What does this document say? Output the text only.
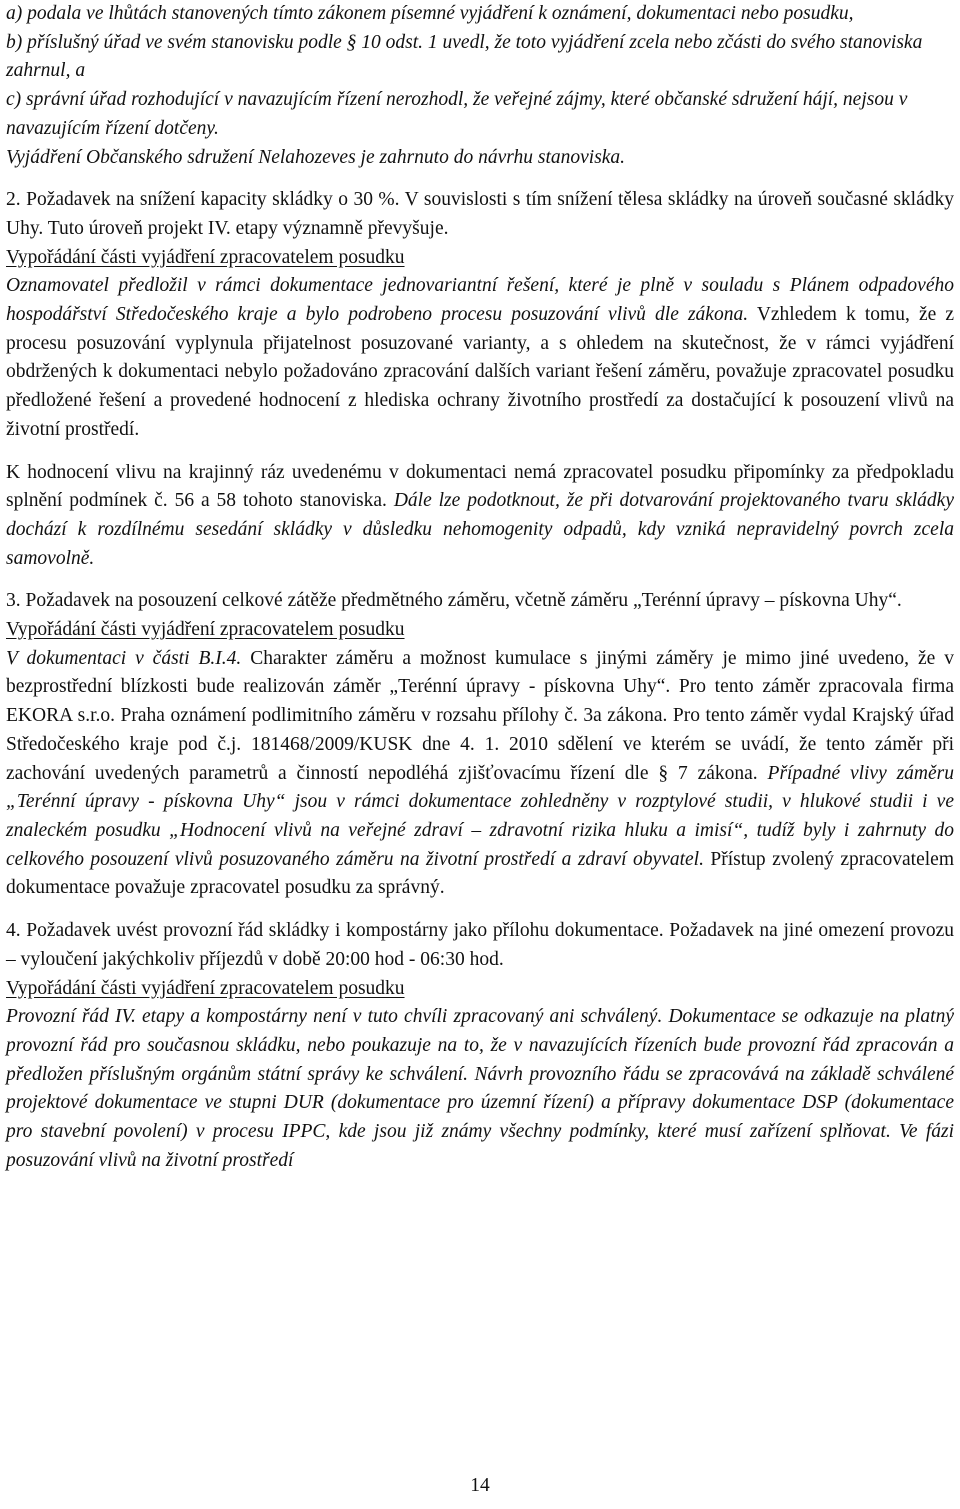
a) podala ve lhůtách stanovených tímto zákonem písemné vyjádření k oznámení, dokumentaci nebo posudku,

b) příslušný úřad ve svém stanovisku podle § 10 odst. 1 uvedl, že toto vyjádření zcela nebo zčásti do svého stanoviska zahrnul, a

c) správní úřad rozhodující v navazujícím řízení nerozhodl, že veřejné zájmy, které občanské sdružení hájí, nejsou v navazujícím řízení dotčeny.

Vyjádření Občanského sdružení Nelahozeves je zahrnuto do návrhu stanoviska.

2. Požadavek na snížení kapacity skládky o 30 %. V souvislosti s tím snížení tělesa skládky na úroveň současné skládky Uhy. Tuto úroveň projekt IV. etapy významně převyšuje.

Vypořádání části vyjádření zpracovatelem posudku

Oznamovatel předložil v rámci dokumentace jednovariantní řešení, které je plně v souladu s Plánem odpadového hospodářství Středočeského kraje a bylo podrobeno procesu posuzování vlivů dle zákona. Vzhledem k tomu, že z procesu posuzování vyplynula přijatelnost posuzované varianty, a s ohledem na skutečnost, že v rámci vyjádření obdržených k dokumentaci nebylo požadováno zpracování dalších variant řešení záměru, považuje zpracovatel posudku předložené řešení a provedené hodnocení z hlediska ochrany životního prostředí za dostačující k posouzení vlivů na životní prostředí.

K hodnocení vlivu na krajinný ráz uvedenému v dokumentaci nemá zpracovatel posudku připomínky za předpokladu splnění podmínek č. 56 a 58 tohoto stanoviska. Dále lze podotknout, že při dotvarování projektovaného tvaru skládky dochází k rozdílnému sesedání skládky v důsledku nehomogenity odpadů, kdy vzniká nepravidelný povrch zcela samovolně.

3. Požadavek na posouzení celkové zátěže předmětného záměru, včetně záměru „Terénní úpravy – pískovna Uhy“.

Vypořádání části vyjádření zpracovatelem posudku

V dokumentaci v části B.I.4. Charakter záměru a možnost kumulace s jinými záměry je mimo jiné uvedeno, že v bezprostřední blízkosti bude realizován záměr „Terénní úpravy - pískovna Uhy“. Pro tento záměr zpracovala firma EKORA s.r.o. Praha oznámení podlimitního záměru v rozsahu přílohy č. 3a zákona. Pro tento záměr vydal Krajský úřad Středočeského kraje pod č.j. 181468/2009/KUSK dne 4. 1. 2010 sdělení ve kterém se uvádí, že tento záměr při zachování uvedených parametrů a činností nepodléhá zjišťovacímu řízení dle § 7 zákona. Případné vlivy záměru „Terénní úpravy - pískovna Uhy“ jsou v rámci dokumentace zohledněny v rozptylové studii, v hlukové studii i ve znaleckém posudku „Hodnocení vlivů na veřejné zdraví – zdravotní rizika hluku a imisí“, tudíž byly i zahrnuty do celkového posouzení vlivů posuzovaného záměru na životní prostředí a zdraví obyvatel. Přístup zvolený zpracovatelem dokumentace považuje zpracovatel posudku za správný.

4. Požadavek uvést provozní řád skládky i kompostárny jako přílohu dokumentace. Požadavek na jiné omezení provozu – vyloučení jakýchkoliv příjezdů v době 20:00 hod - 06:30 hod.

Vypořádání části vyjádření zpracovatelem posudku

Provozní řád IV. etapy a kompostárny není v tuto chvíli zpracovaný ani schválený. Dokumentace se odkazuje na platný provozní řád pro současnou skládku, nebo poukazuje na to, že v navazujících řízeních bude provozní řád zpracován a předložen příslušným orgánům státní správy ke schválení. Návrh provozního řádu se zpracovává na základě schválené projektové dokumentace ve stupni DUR (dokumentace pro územní řízení) a přípravy dokumentace DSP (dokumentace pro stavební povolení) v procesu IPPC, kde jsou již známy všechny podmínky, které musí zařízení splňovat. Ve fázi posuzování vlivů na životní prostředí

14
